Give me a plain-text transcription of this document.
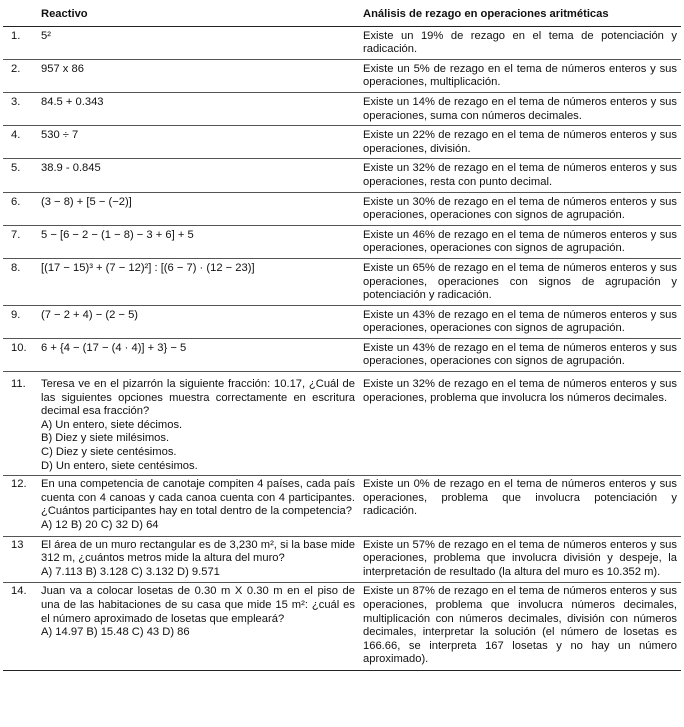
	Reactivo	Análisis de rezago en operaciones aritméticas
1.	5²	Existe un 19% de rezago en el tema de potenciación y radicación.
2.	957 x 86	Existe un 5% de rezago en el tema de números enteros y sus operaciones, multiplicación.
3.	84.5 + 0.343	Existe un 14% de rezago en el tema de números enteros y sus operaciones, suma con números decimales.
4.	530 ÷ 7	Existe un 22% de rezago en el tema de números enteros y sus operaciones, división.
5.	38.9 - 0.845	Existe un 32% de rezago en el tema de números enteros y sus operaciones, resta con punto decimal.
6.	(3 − 8) + [5 − (−2)]	Existe un 30% de rezago en el tema de números enteros y sus operaciones, operaciones con signos de agrupación.
7.	5 − [6 − 2 − (1 − 8) − 3 + 6] + 5	Existe un 46% de rezago en el tema de números enteros y sus operaciones, operaciones con signos de agrupación.
8.	[(17 − 15)³ + (7 − 12)²] : [(6 − 7) · (12 − 23)]	Existe un 65% de rezago en el tema de números enteros y sus operaciones, operaciones con signos de agrupación y potenciación y radicación.
9.	(7 − 2 + 4) − (2 − 5)	Existe un 43% de rezago en el tema de números enteros y sus operaciones, operaciones con signos de agrupación.
10.	6 + {4 − (17 − (4 · 4)] + 3} − 5	Existe un 43% de rezago en el tema de números enteros y sus operaciones, operaciones con signos de agrupación.
11.	Teresa ve en el pizarrón la siguiente fracción: 10.17, ¿Cuál de las siguientes opciones muestra correctamente en escritura decimal esa fracción?
A) Un entero, siete décimos.
B) Diez y siete milésimos.
C) Diez y siete centésimos.
D) Un entero, siete centésimos.	Existe un 32% de rezago en el tema de números enteros y sus operaciones, problema que involucra los números decimales.
12.	En una competencia de canotaje compiten 4 países, cada país cuenta con 4 canoas y cada canoa cuenta con 4 participantes. ¿Cuántos participantes hay en total dentro de la competencia?
A) 12 B) 20 C) 32 D) 64	Existe un 0% de rezago en el tema de números enteros y sus operaciones, problema que involucra potenciación y radicación.
13	El área de un muro rectangular es de 3,230 m², si la base mide 312 m, ¿cuántos metros mide la altura del muro?
A) 7.113 B) 3.128 C) 3.132 D) 9.571	Existe un 57% de rezago en el tema de números enteros y sus operaciones, problema que involucra división y despeje, la interpretación de resultado (la altura del muro es 10.352 m).
14.	Juan va a colocar losetas de 0.30 m X 0.30 m en el piso de una de las habitaciones de su casa que mide 15 m²: ¿cuál es el número aproximado de losetas que empleará?
A) 14.97 B) 15.48 C) 43 D) 86	Existe un 87% de rezago en el tema de números enteros y sus operaciones, problema que involucra números decimales, multiplicación con números decimales, división con números decimales, interpretar la solución (el número de losetas es 166.66, se interpreta 167 losetas y no hay un número aproximado).
